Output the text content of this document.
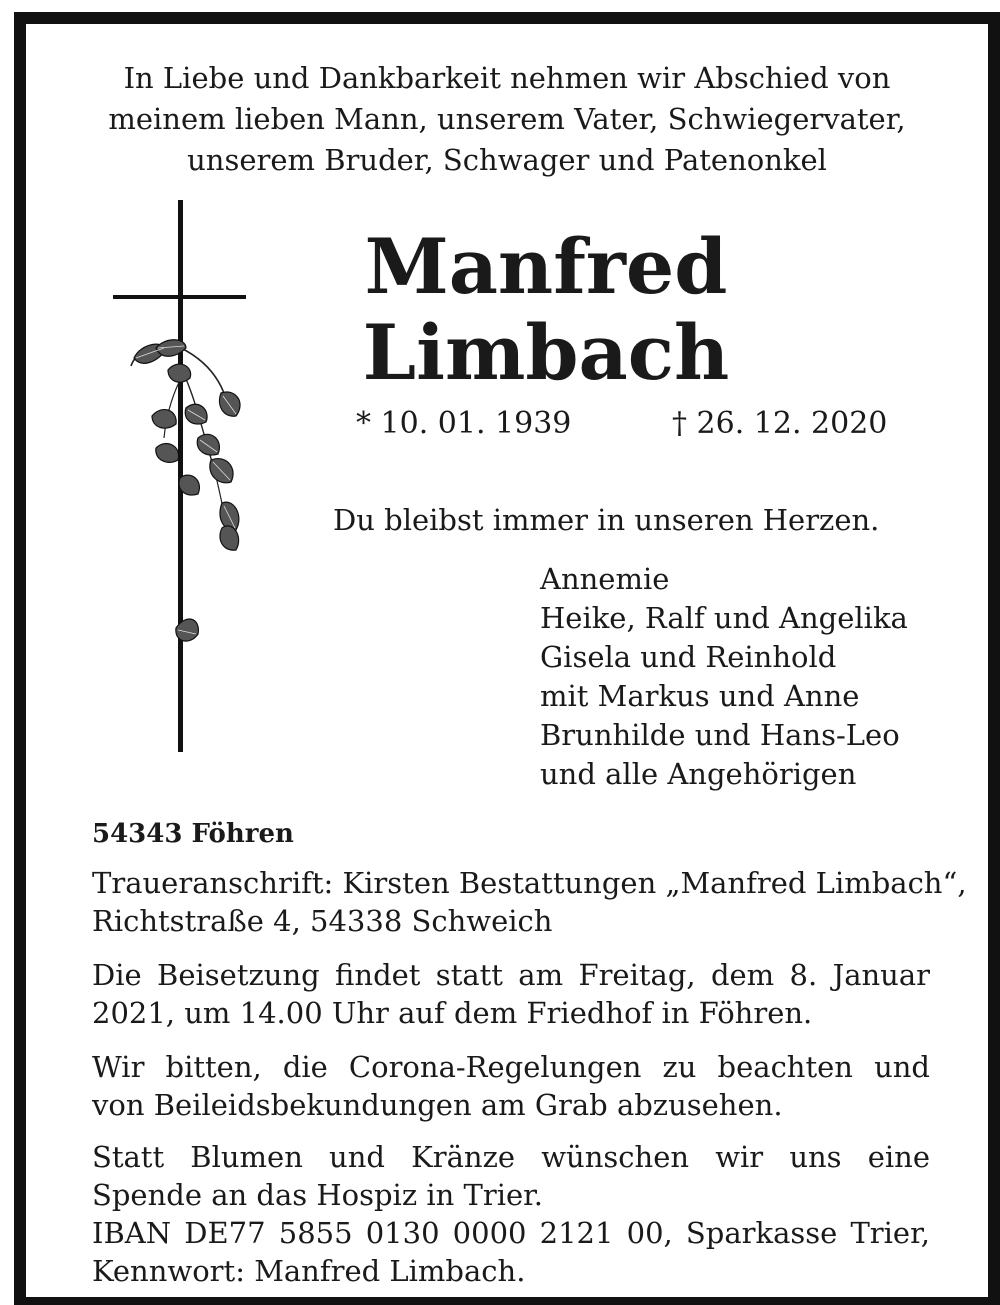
In Liebe und Dankbarkeit nehmen wir Abschied von
meinem lieben Mann, unserem Vater, Schwiegervater,
unserem Bruder, Schwager und Patenonkel
Manfred
Limbach
* 10. 01. 1939	† 26. 12. 2020
Du bleibst immer in unseren Herzen.
Annemie
Heike, Ralf und Angelika
Gisela und Reinhold
mit Markus und Anne
Brunhilde und Hans-Leo
und alle Angehörigen
54343 Föhren
Traueranschrift: Kirsten Bestattungen „Manfred Limbach“,
Richtstraße 4, 54338 Schweich
Die Beisetzung findet statt am Freitag, dem 8. Januar
2021, um 14.00 Uhr auf dem Friedhof in Föhren.
Wir bitten, die Corona-Regelungen zu beachten und
von Beileidsbekundungen am Grab abzusehen.
Statt Blumen und Kränze wünschen wir uns eine
Spende an das Hospiz in Trier.
IBAN DE77 5855 0130 0000 2121 00, Sparkasse Trier,
Kennwort: Manfred Limbach.
